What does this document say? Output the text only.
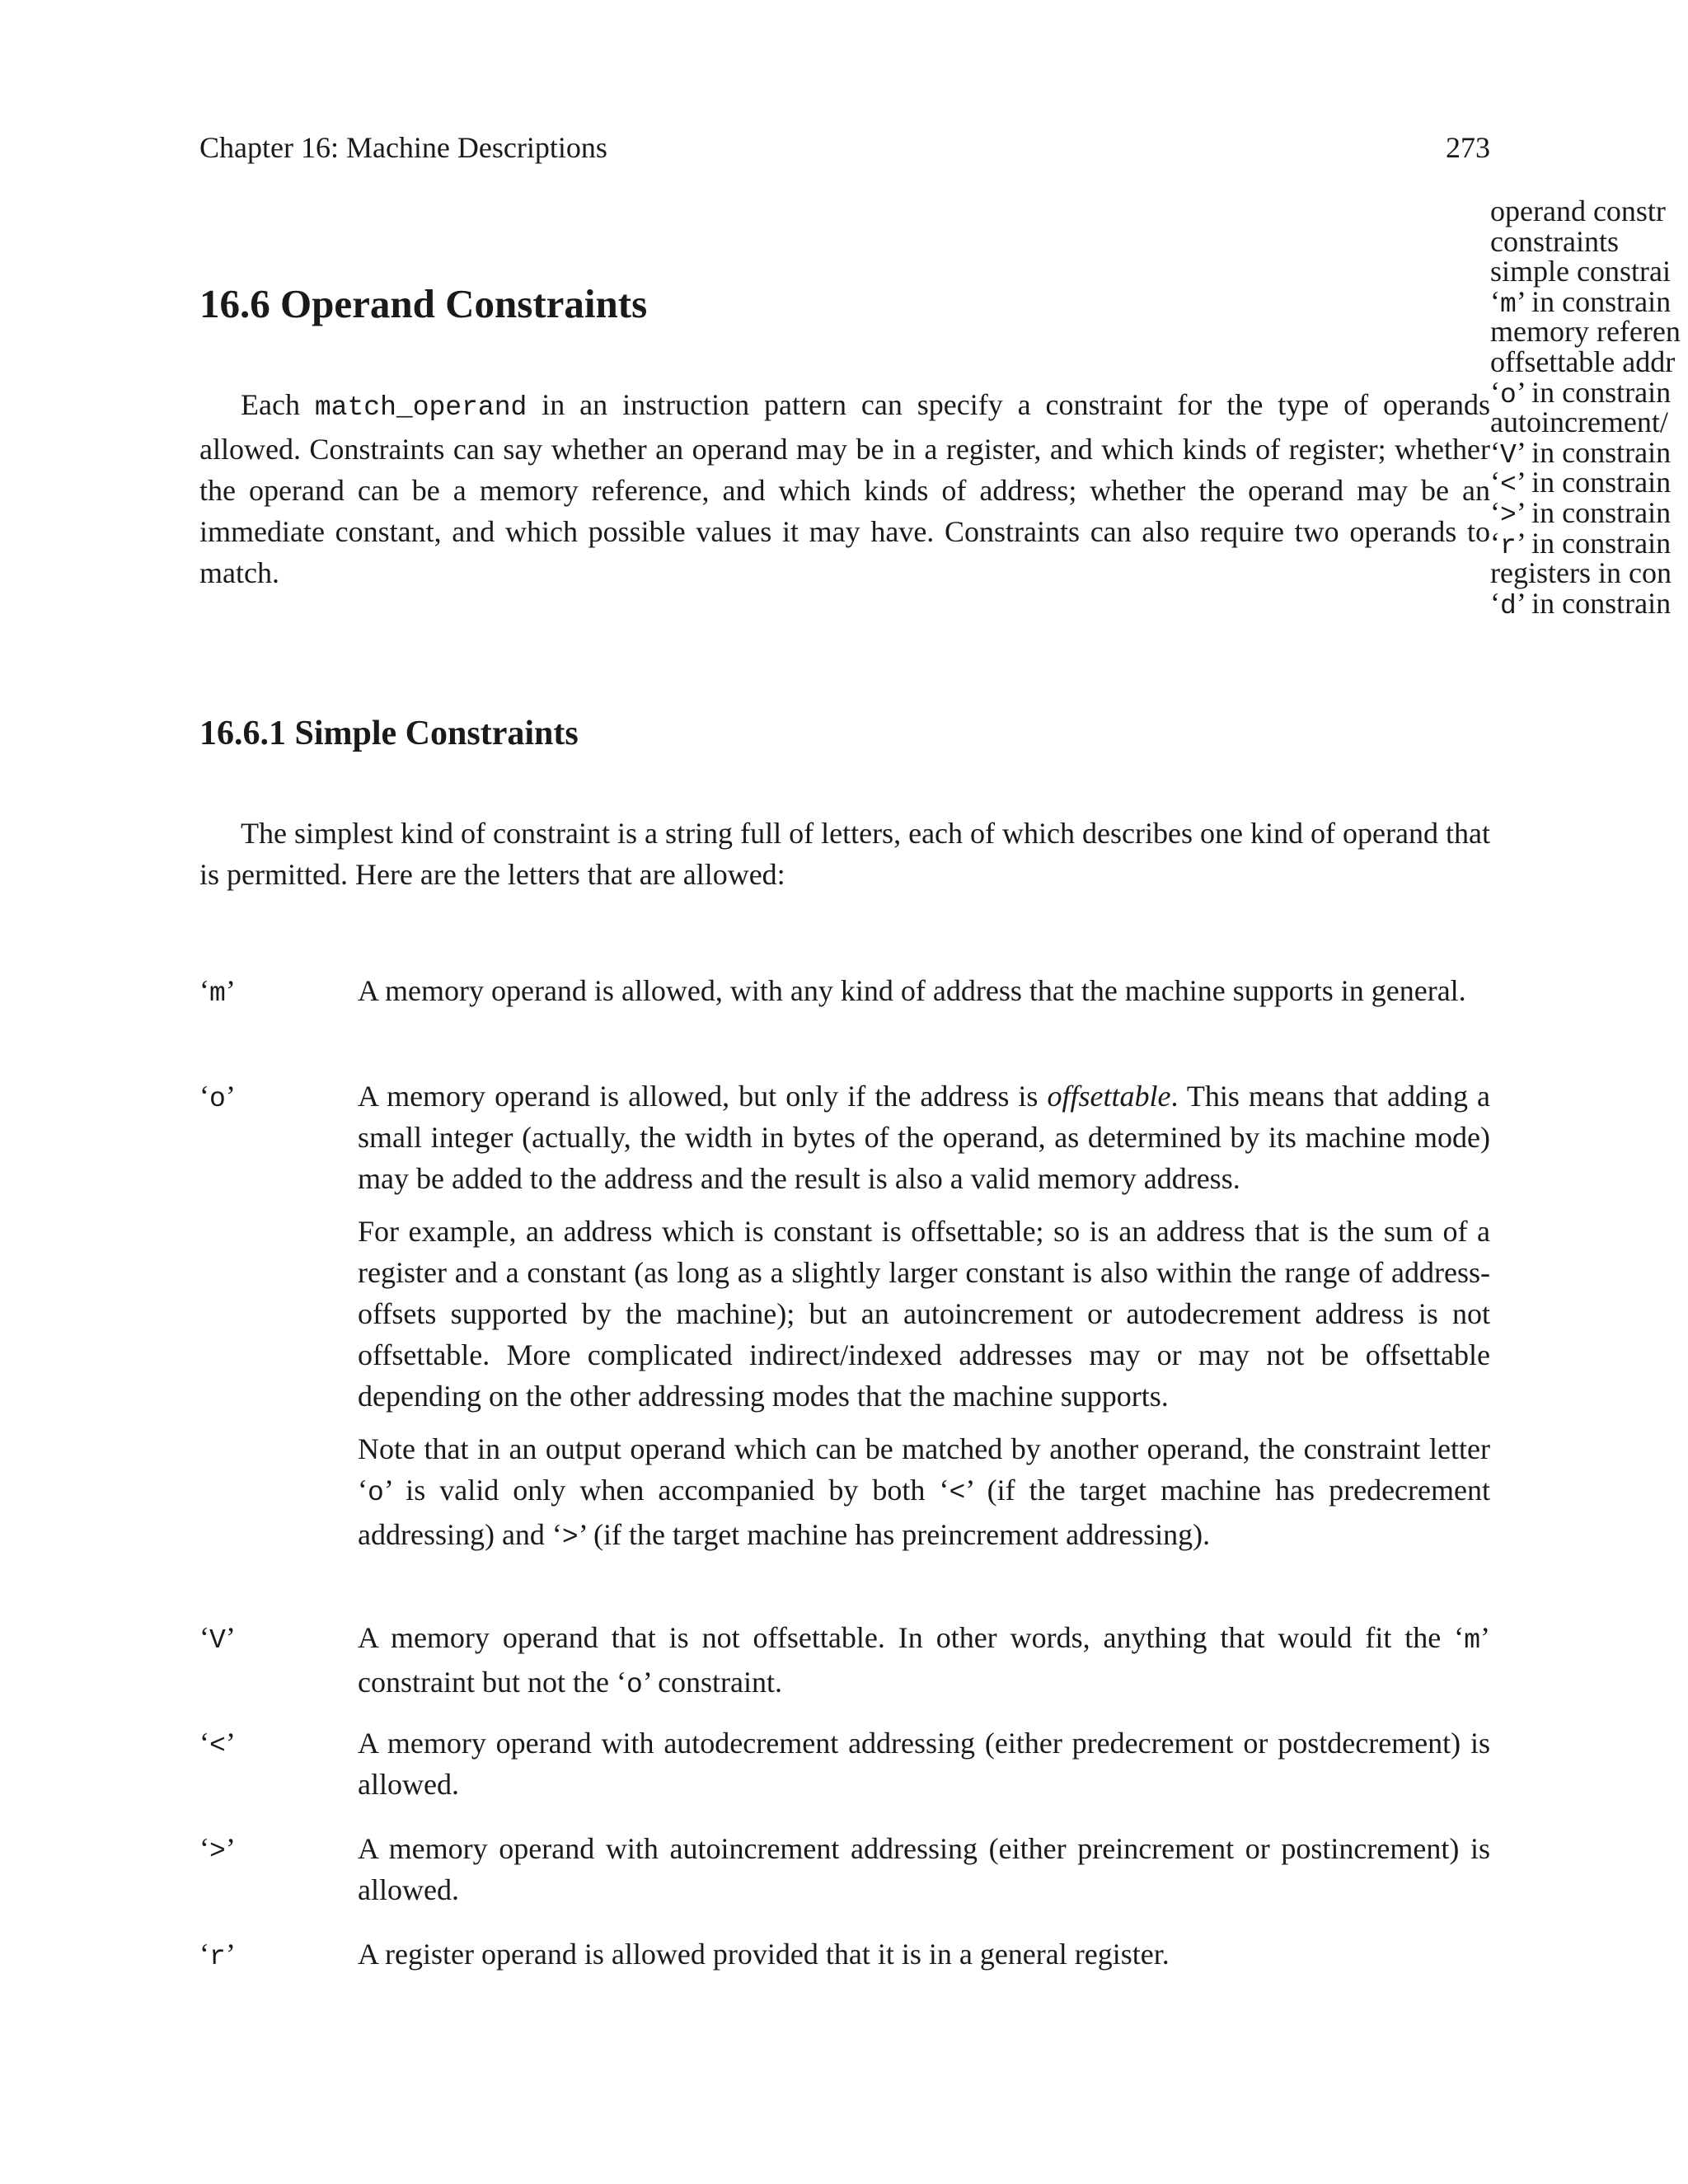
Chapter 16: Machine Descriptions	273
operand constr
constraints
simple constrai
‘m’ in constrain
memory referen
offsettable addr
‘o’ in constrain
autoincrement/
‘V’ in constrain
‘<’ in constrain
‘>’ in constrain
‘r’ in constrain
registers in con
‘d’ in constrain
16.6 Operand Constraints

Each match_operand in an instruction pattern can specify a constraint for the type of operands allowed. Constraints can say whether an operand may be in a register, and which kinds of register; whether the operand can be a memory reference, and which kinds of address; whether the operand may be an immediate constant, and which possible values it may have. Constraints can also require two operands to match.

16.6.1 Simple Constraints

The simplest kind of constraint is a string full of letters, each of which describes one kind of operand that is permitted. Here are the letters that are allowed:

‘m’	A memory operand is allowed, with any kind of address that the machine supports in general.

‘o’	A memory operand is allowed, but only if the address is offsettable. This means that adding a small integer (actually, the width in bytes of the operand, as determined by its machine mode) may be added to the address and the result is also a valid memory address.

For example, an address which is constant is offsettable; so is an address that is the sum of a register and a constant (as long as a slightly larger constant is also within the range of address-offsets supported by the machine); but an autoincrement or autodecrement address is not offsettable. More complicated indirect/indexed addresses may or may not be offsettable depending on the other addressing modes that the machine supports.

Note that in an output operand which can be matched by another operand, the constraint letter ‘o’ is valid only when accompanied by both ‘<’ (if the target machine has predecrement addressing) and ‘>’ (if the target machine has preincrement addressing).

‘V’	A memory operand that is not offsettable. In other words, anything that would fit the ‘m’ constraint but not the ‘o’ constraint.

‘<’	A memory operand with autodecrement addressing (either predecrement or postdecrement) is allowed.

‘>’	A memory operand with autoincrement addressing (either preincrement or postincrement) is allowed.

‘r’	A register operand is allowed provided that it is in a general register.
